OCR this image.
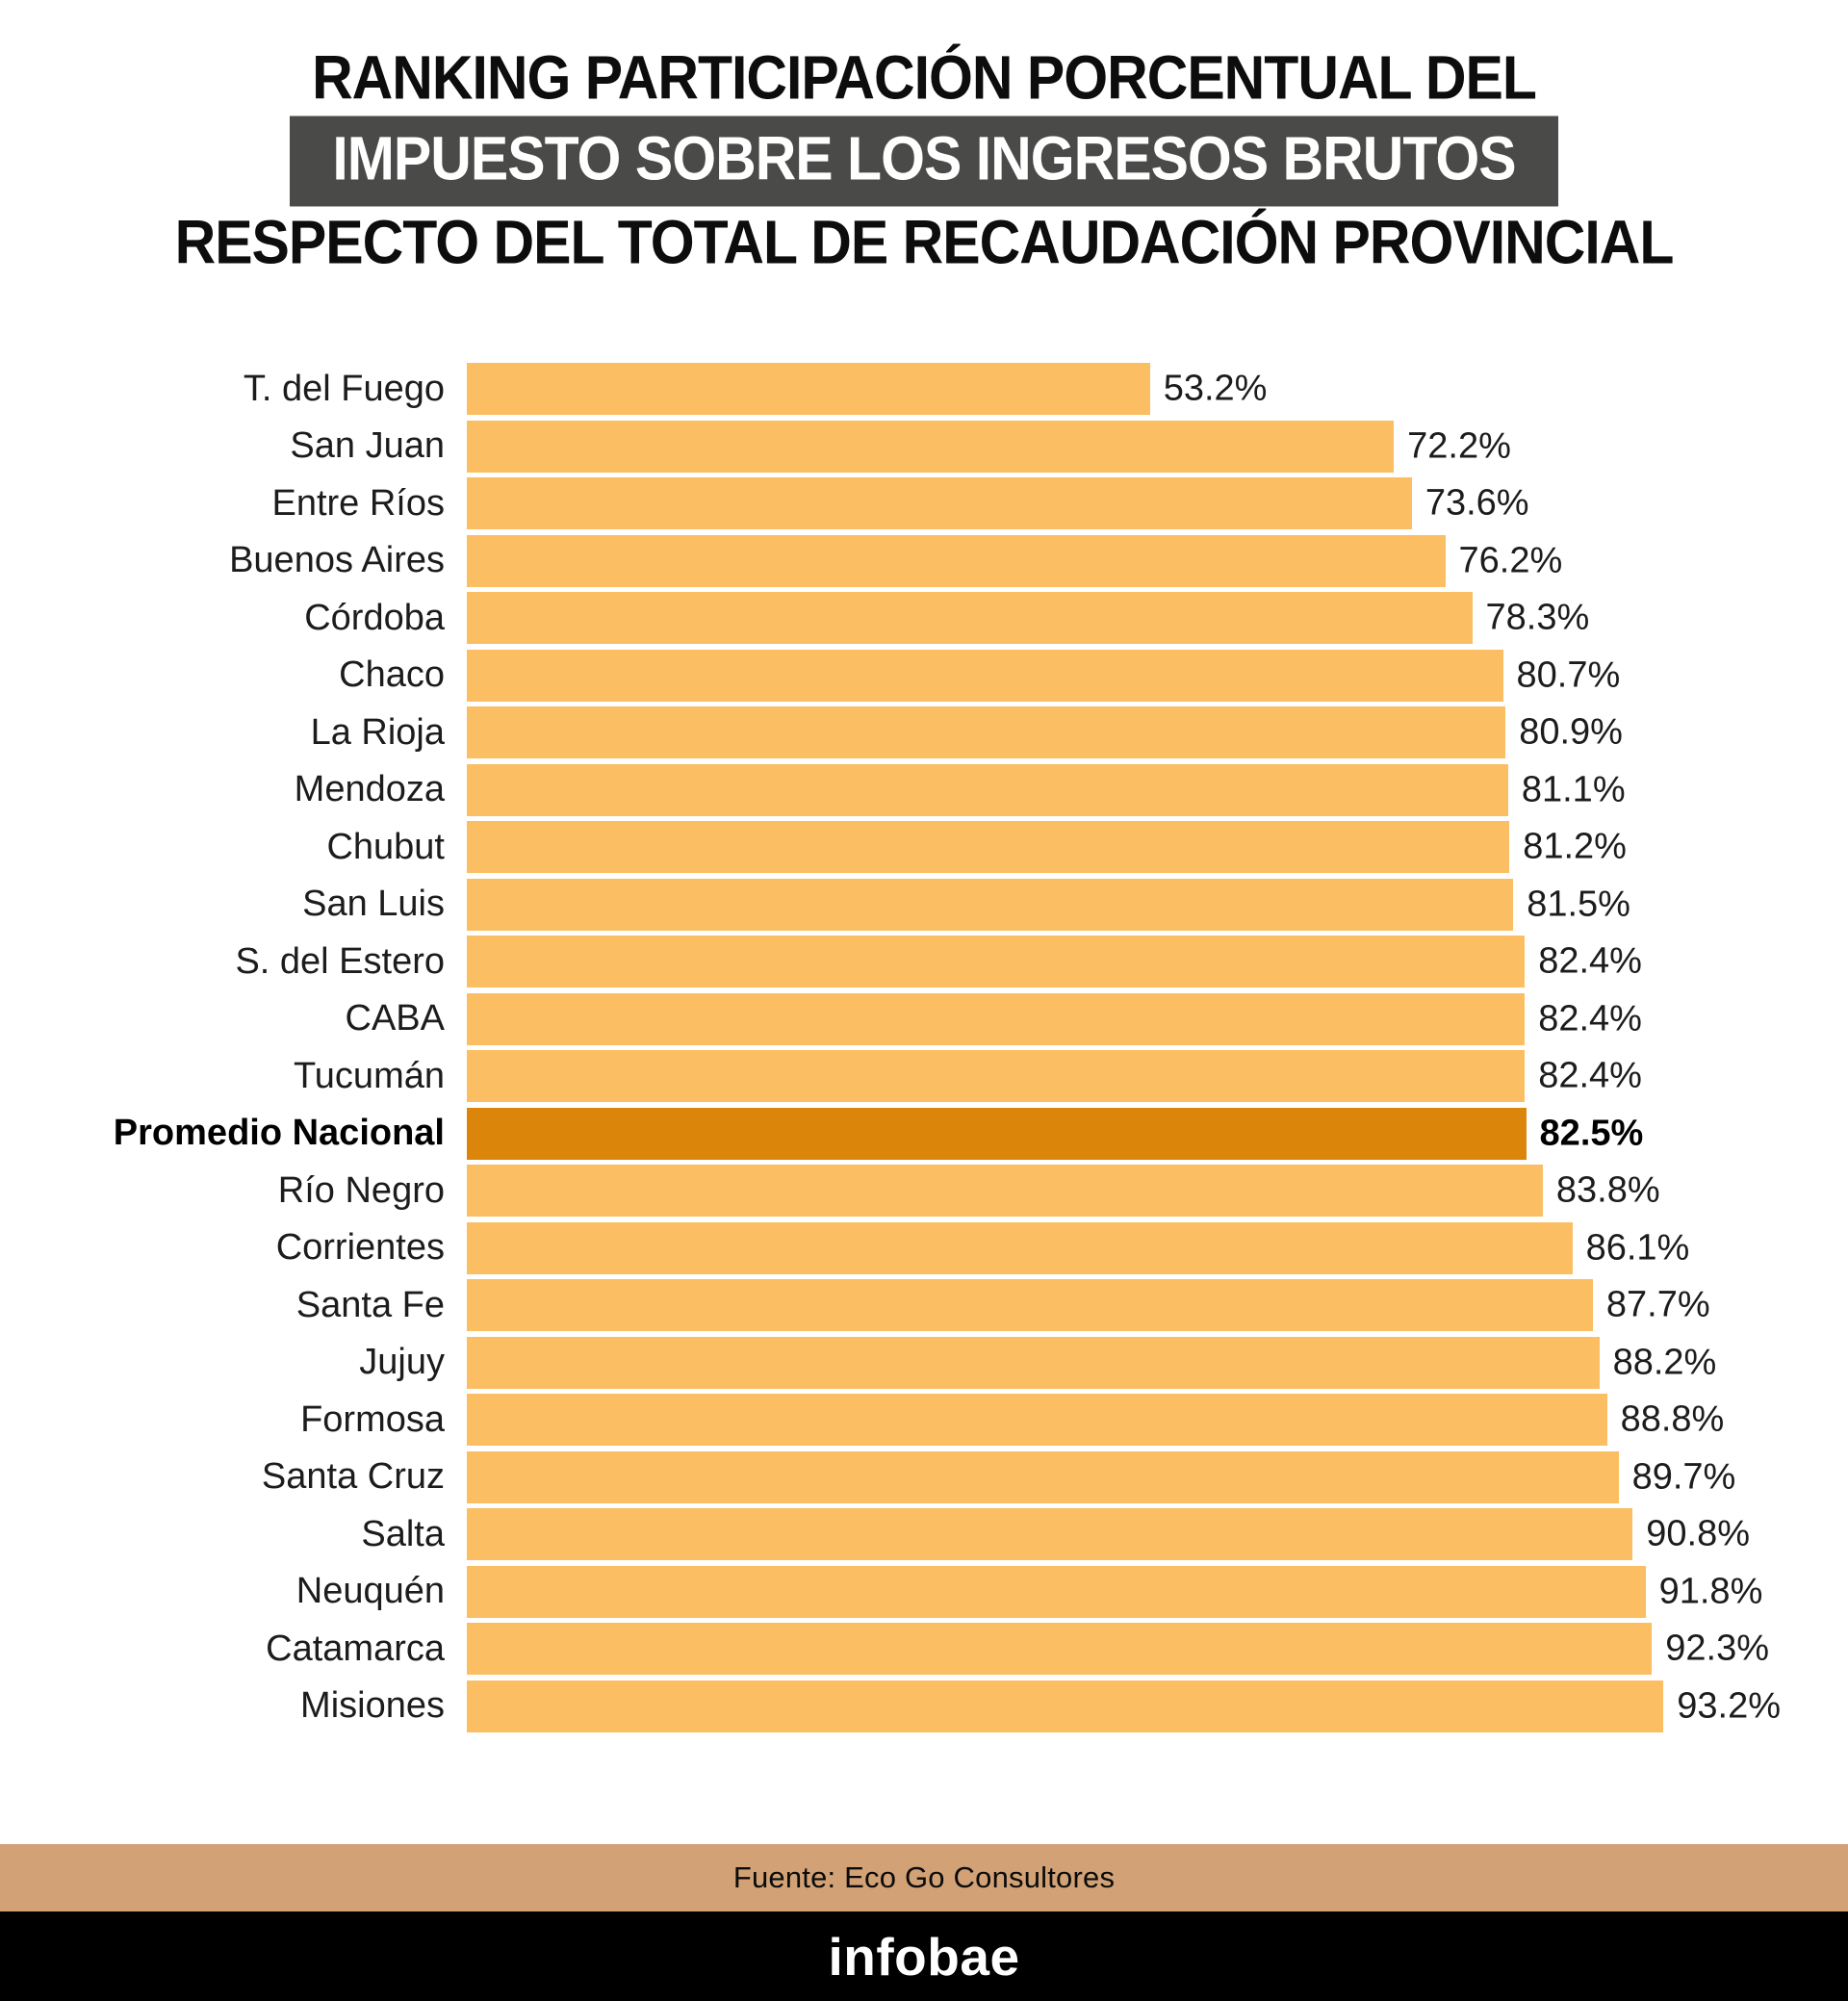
RANKING PARTICIPACIÓN PORCENTUAL DEL
IMPUESTO SOBRE LOS INGRESOS BRUTOS
RESPECTO DEL TOTAL DE RECAUDACIÓN PROVINCIAL
T. del Fuego	53.2%
San Juan	72.2%
Entre Ríos	73.6%
Buenos Aires	76.2%
Córdoba	78.3%
Chaco	80.7%
La Rioja	80.9%
Mendoza	81.1%
Chubut	81.2%
San Luis	81.5%
S. del Estero	82.4%
CABA	82.4%
Tucumán	82.4%
Promedio Nacional	82.5%
Río Negro	83.8%
Corrientes	86.1%
Santa Fe	87.7%
Jujuy	88.2%
Formosa	88.8%
Santa Cruz	89.7%
Salta	90.8%
Neuquén	91.8%
Catamarca	92.3%
Misiones	93.2%
Fuente: Eco Go Consultores
infobae
